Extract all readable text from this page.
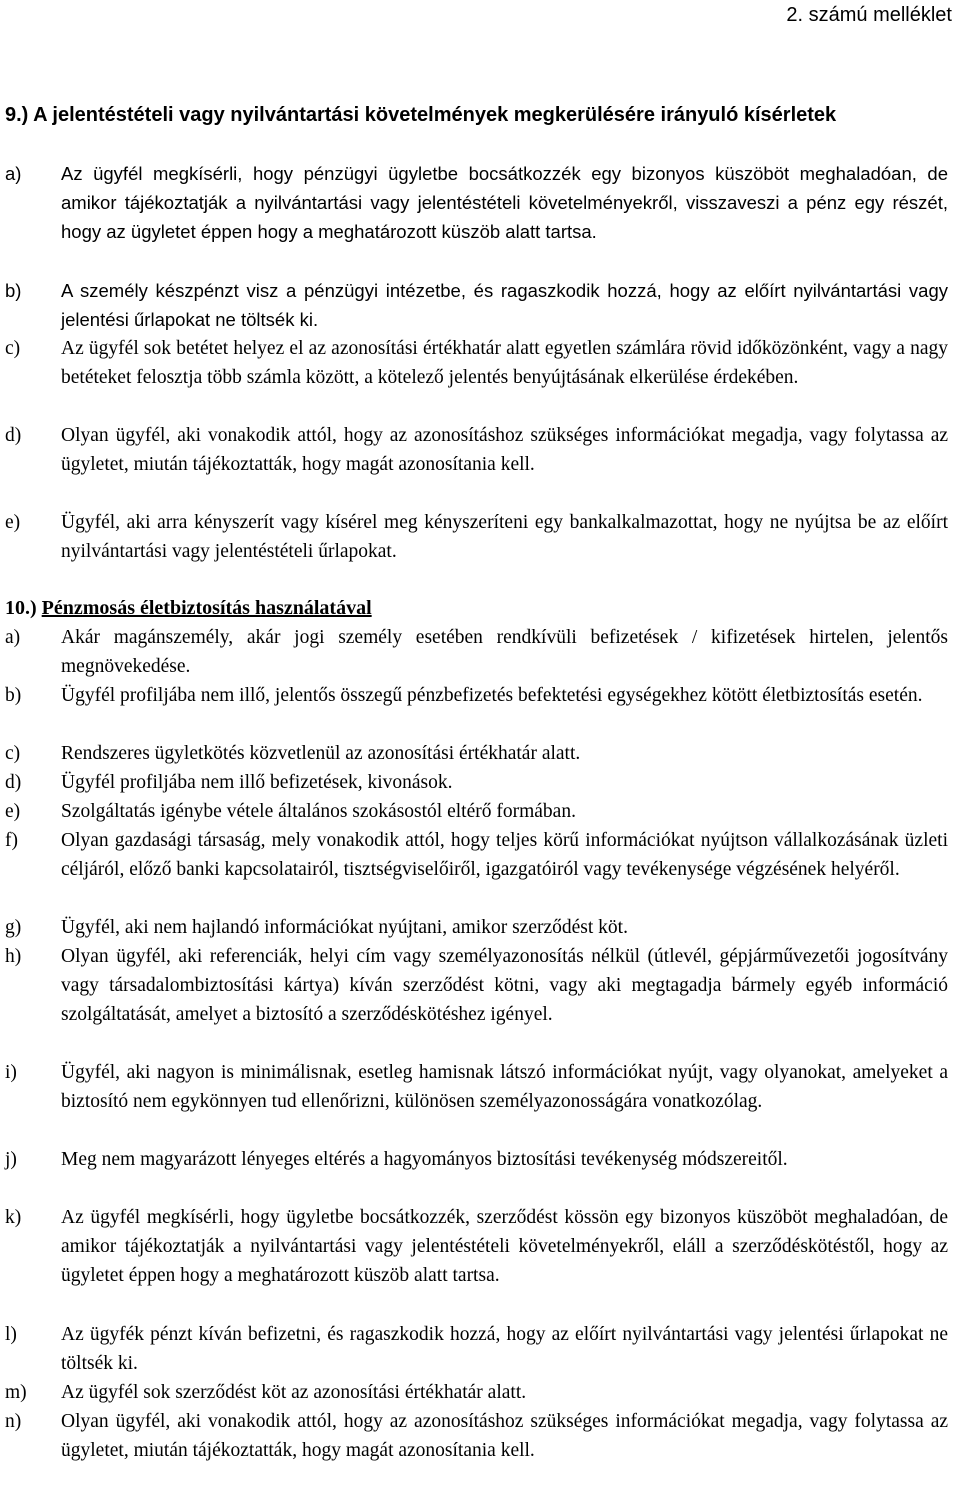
2. számú melléklet
9.) A jelentéstételi vagy nyilvántartási követelmények megkerülésére irányuló kísérletek
a) Az ügyfél megkísérli, hogy pénzügyi ügyletbe bocsátkozzék egy bizonyos küszöböt meghaladóan, de amikor tájékoztatják a nyilvántartási vagy jelentéstételi követelményekről, visszaveszi a pénz egy részét, hogy az ügyletet éppen hogy a meghatározott küszöb alatt tartsa.
b) A személy készpénzt visz a pénzügyi intézetbe, és ragaszkodik hozzá, hogy az előírt nyilvántartási vagy jelentési űrlapokat ne töltsék ki.
c) Az ügyfél sok betétet helyez el az azonosítási értékhatár alatt egyetlen számlára rövid időközönként, vagy a nagy betéteket felosztja több számla között, a kötelező jelentés benyújtásának elkerülése érdekében.
d) Olyan ügyfél, aki vonakodik attól, hogy az azonosításhoz szükséges információkat megadja, vagy folytassa az ügyletet, miután tájékoztatták, hogy magát azonosítania kell.
e) Ügyfél, aki arra kényszerít vagy kísérel meg kényszeríteni egy bankalkalmazottat, hogy ne nyújtsa be az előírt nyilvántartási vagy jelentéstételi űrlapokat.
10.) Pénzmosás életbiztosítás használatával
a) Akár magánszemély, akár jogi személy esetében rendkívüli befizetések / kifizetések hirtelen, jelentős megnövekedése.
b) Ügyfél profiljába nem illő, jelentős összegű pénzbefizetés befektetési egységekhez kötött életbiztosítás esetén.
c) Rendszeres ügyletkötés közvetlenül az azonosítási értékhatár alatt.
d) Ügyfél profiljába nem illő befizetések, kivonások.
e) Szolgáltatás igénybe vétele általános szokásostól eltérő formában.
f) Olyan gazdasági társaság, mely vonakodik attól, hogy teljes körű információkat nyújtson vállalkozásának üzleti céljáról, előző banki kapcsolatairól, tisztségviselőiről, igazgatóiról vagy tevékenysége végzésének helyéről.
g) Ügyfél, aki nem hajlandó információkat nyújtani, amikor szerződést köt.
h) Olyan ügyfél, aki referenciák, helyi cím vagy személyazonosítás nélkül (útlevél, gépjárművezetői jogosítvány vagy társadalombiztosítási kártya) kíván szerződést kötni, vagy aki megtagadja bármely egyéb információ szolgáltatását, amelyet a biztosító a szerződéskötéshez igényel.
i) Ügyfél, aki nagyon is minimálisnak, esetleg hamisnak látszó információkat nyújt, vagy olyanokat, amelyeket a biztosító nem egykönnyen tud ellenőrizni, különösen személyazonosságára vonatkozólag.
j) Meg nem magyarázott lényeges eltérés a hagyományos biztosítási tevékenység módszereitől.
k) Az ügyfél megkísérli, hogy ügyletbe bocsátkozzék, szerződést kössön egy bizonyos küszöböt meghaladóan, de amikor tájékoztatják a nyilvántartási vagy jelentéstételi követelményekről, eláll a szerződéskötéstől, hogy az ügyletet éppen hogy a meghatározott küszöb alatt tartsa.
l) Az ügyfék pénzt kíván befizetni, és ragaszkodik hozzá, hogy az előírt nyilvántartási vagy jelentési űrlapokat ne töltsék ki.
m) Az ügyfél sok szerződést köt az azonosítási értékhatár alatt.
n) Olyan ügyfél, aki vonakodik attól, hogy az azonosításhoz szükséges információkat megadja, vagy folytassa az ügyletet, miután tájékoztatták, hogy magát azonosítania kell.
